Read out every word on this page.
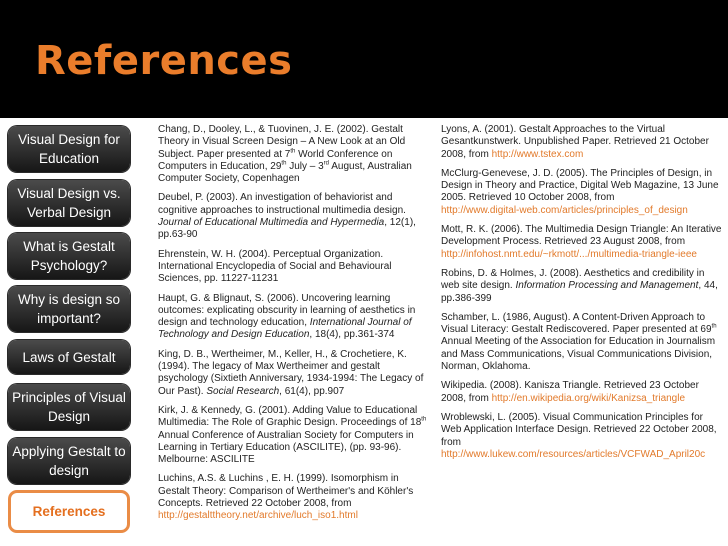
References
Visual Design for Education
Visual Design vs. Verbal Design
What is Gestalt Psychology?
Why is design so important?
Laws of Gestalt
Principles of Visual Design
Applying Gestalt to design
References

Chang, D., Dooley, L., & Tuovinen, J. E. (2002). Gestalt Theory in Visual Screen Design – A New Look at an Old Subject. Paper presented at 7th World Conference on Computers in Education, 29th July – 3rd August, Australian Computer Society, Copenhagen

Deubel, P. (2003). An investigation of behaviorist and cognitive approaches to instructional multimedia design. Journal of Educational Multimedia and Hypermedia, 12(1), pp.63-90

Ehrenstein, W. H. (2004). Perceptual Organization. International Encyclopedia of Social and Behavioural Sciences, pp. 11227-11231

Haupt, G. & Blignaut, S. (2006). Uncovering learning outcomes: explicating obscurity in learning of aesthetics in design and technology education, International Journal of Technology and Design Education, 18(4), pp.361-374

King, D. B., Wertheimer, M., Keller, H., & Crochetiere, K. (1994). The legacy of Max Wertheimer and gestalt psychology (Sixtieth Anniversary, 1934-1994: The Legacy of Our Past). Social Research, 61(4), pp.907

Kirk, J. & Kennedy, G. (2001). Adding Value to Educational Multimedia: The Role of Graphic Design. Proceedings of 18th Annual Conference of Australian Society for Computers in Learning in Tertiary Education (ASCILITE), (pp. 93-96). Melbourne: ASCILITE

Luchins, A.S. & Luchins , E. H. (1999). Isomorphism in Gestalt Theory: Comparison of Wertheimer's and Köhler's Concepts. Retrieved 22 October 2008, from http://gestalttheory.net/archive/luch_iso1.html

Lyons, A. (2001). Gestalt Approaches to the Virtual Gesantkunstwerk. Unpublished Paper. Retrieved 21 October 2008, from http://www.tstex.com

McClurg-Genevese, J. D. (2005). The Principles of Design, in Design in Theory and Practice, Digital Web Magazine, 13 June 2005. Retrieved 10 October 2008, from http://www.digital-web.com/articles/principles_of_design

Mott, R. K. (2006). The Multimedia Design Triangle: An Iterative Development Process. Retrieved 23 August 2008, from http://infohost.nmt.edu/~rkmott/.../multimedia-triangle-ieee

Robins, D. & Holmes, J. (2008). Aesthetics and credibility in web site design. Information Processing and Management, 44, pp.386-399

Schamber, L. (1986, August). A Content-Driven Approach to Visual Literacy: Gestalt Rediscovered. Paper presented at 69th Annual Meeting of the Association for Education in Journalism and Mass Communications, Visual Communications Division, Norman, Oklahoma.

Wikipedia. (2008). Kanisza Triangle. Retrieved 23 October 2008, from http://en.wikipedia.org/wiki/Kanizsa_triangle

Wroblewski, L. (2005). Visual Communication Principles for Web Application Interface Design. Retrieved 22 October 2008, from http://www.lukew.com/resources/articles/VCFWAD_April20c
